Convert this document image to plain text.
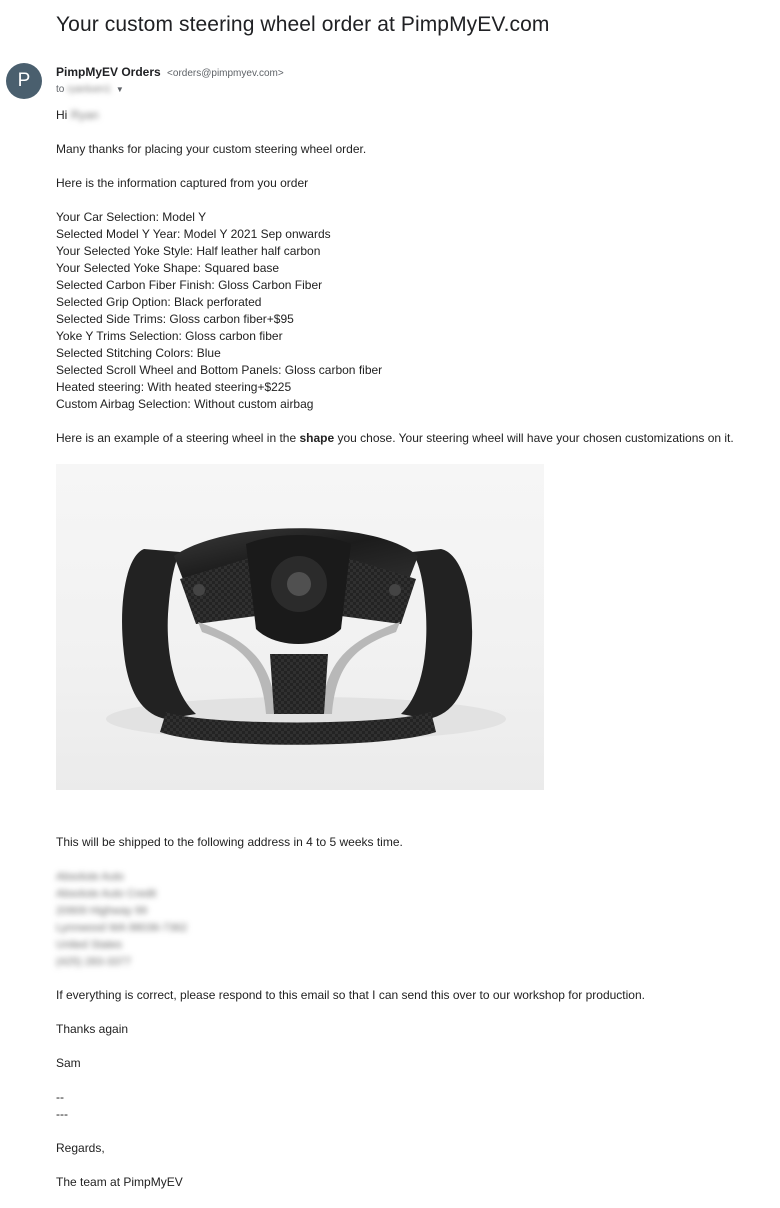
Your custom steering wheel order at PimpMyEV.com
P	PimpMyEV Orders <orders@pimpmyev.com>
to ryanluen1 ▼

Hi Ryan

Many thanks for placing your custom steering wheel order.

Here is the information captured from you order

Your Car Selection: Model Y
Selected Model Y Year: Model Y 2021 Sep onwards
Your Selected Yoke Style: Half leather half carbon
Your Selected Yoke Shape: Squared base
Selected Carbon Fiber Finish: Gloss Carbon Fiber
Selected Grip Option: Black perforated
Selected Side Trims: Gloss carbon fiber+$95
Yoke Y Trims Selection: Gloss carbon fiber
Selected Stitching Colors: Blue
Selected Scroll Wheel and Bottom Panels: Gloss carbon fiber
Heated steering: With heated steering+$225
Custom Airbag Selection: Without custom airbag

Here is an example of a steering wheel in the shape you chose. Your steering wheel will have your chosen customizations on it.

This will be shipped to the following address in 4 to 5 weeks time.

Absolute Auto
Absolute Auto Credit
20909 Highway 99
Lynnwood WA 98036-7362
United States
(425) 283-3377

If everything is correct, please respond to this email so that I can send this over to our workshop for production.

Thanks again

Sam

--

---

Regards,

The team at PimpMyEV
